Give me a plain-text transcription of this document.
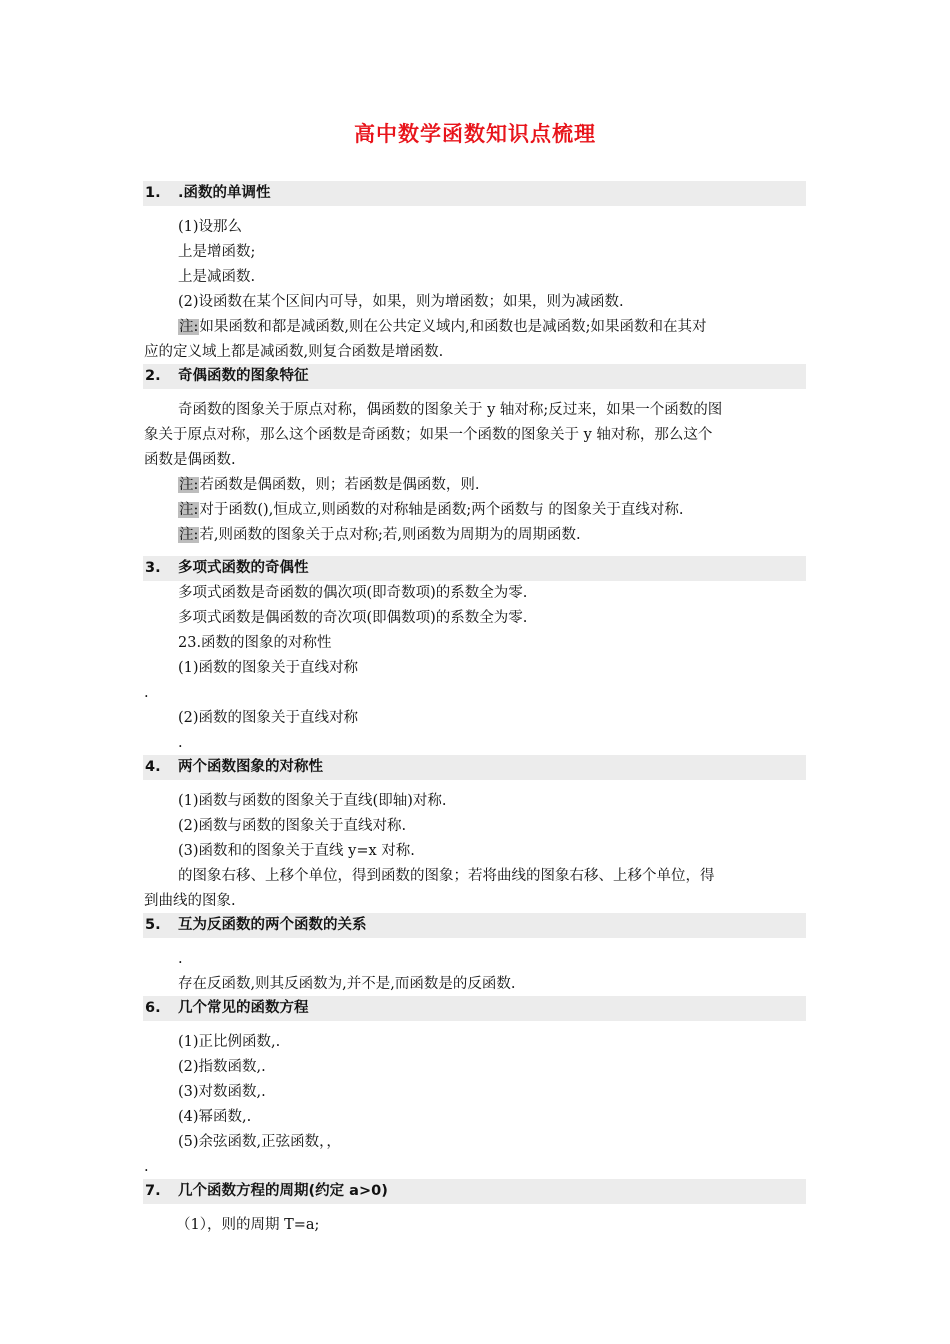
高中数学函数知识点梳理
1. .函数的单调性
(1)设那么
上是增函数;
上是减函数.
(2)设函数在某个区间内可导，如果，则为增函数；如果，则为减函数.
注:如果函数和都是减函数,则在公共定义域内,和函数也是减函数;如果函数和在其对
应的定义域上都是减函数,则复合函数是增函数.
2. 奇偶函数的图象特征
奇函数的图象关于原点对称，偶函数的图象关于 y 轴对称;反过来，如果一个函数的图
象关于原点对称，那么这个函数是奇函数；如果一个函数的图象关于 y 轴对称，那么这个
函数是偶函数.
注:若函数是偶函数，则；若函数是偶函数，则.
注:对于函数(),恒成立,则函数的对称轴是函数;两个函数与 的图象关于直线对称.
注:若,则函数的图象关于点对称;若,则函数为周期为的周期函数.
3. 多项式函数的奇偶性
多项式函数是奇函数的偶次项(即奇数项)的系数全为零.
多项式函数是偶函数的奇次项(即偶数项)的系数全为零.
23.函数的图象的对称性
(1)函数的图象关于直线对称
.
(2)函数的图象关于直线对称
.
4. 两个函数图象的对称性
(1)函数与函数的图象关于直线(即轴)对称.
(2)函数与函数的图象关于直线对称.
(3)函数和的图象关于直线 y=x 对称.
的图象右移、上移个单位，得到函数的图象；若将曲线的图象右移、上移个单位，得
到曲线的图象.
5. 互为反函数的两个函数的关系
.
存在反函数,则其反函数为,并不是,而函数是的反函数.
6. 几个常见的函数方程
(1)正比例函数,.
(2)指数函数,.
(3)对数函数,.
(4)幂函数,.
(5)余弦函数,正弦函数，，
.
7. 几个函数方程的周期(约定 a>0)
（1），则的周期 T=a;
